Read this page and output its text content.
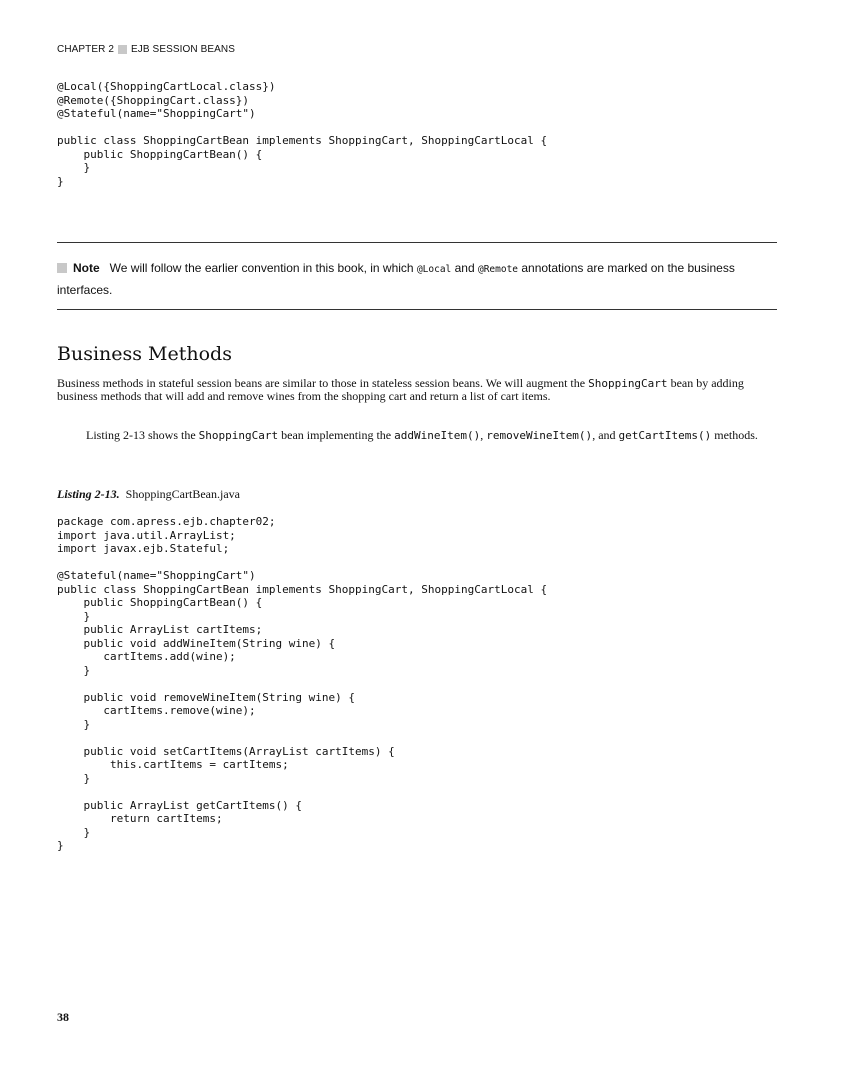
CHAPTER 2 EJB SESSION BEANS
@Local({ShoppingCartLocal.class})
@Remote({ShoppingCart.class})
@Stateful(name="ShoppingCart")

public class ShoppingCartBean implements ShoppingCart, ShoppingCartLocal {
public ShoppingCartBean() {
}
}
Note We will follow the earlier convention in this book, in which @Local and @Remote annotations are marked on the business interfaces.
Business Methods
Business methods in stateful session beans are similar to those in stateless session beans. We will augment the ShoppingCart bean by adding business methods that will add and remove wines from the shopping cart and return a list of cart items.
Listing 2-13 shows the ShoppingCart bean implementing the addWineItem(), removeWineItem(), and getCartItems() methods.
Listing 2-13. ShoppingCartBean.java
package com.apress.ejb.chapter02;
import java.util.ArrayList;
import javax.ejb.Stateful;

@Stateful(name="ShoppingCart")
public class ShoppingCartBean implements ShoppingCart, ShoppingCartLocal {
public ShoppingCartBean() {
}
public ArrayList cartItems;
public void addWineItem(String wine) {
cartItems.add(wine);
}

public void removeWineItem(String wine) {
cartItems.remove(wine);
}

public void setCartItems(ArrayList cartItems) {
this.cartItems = cartItems;
}

public ArrayList getCartItems() {
return cartItems;
}
}
38
